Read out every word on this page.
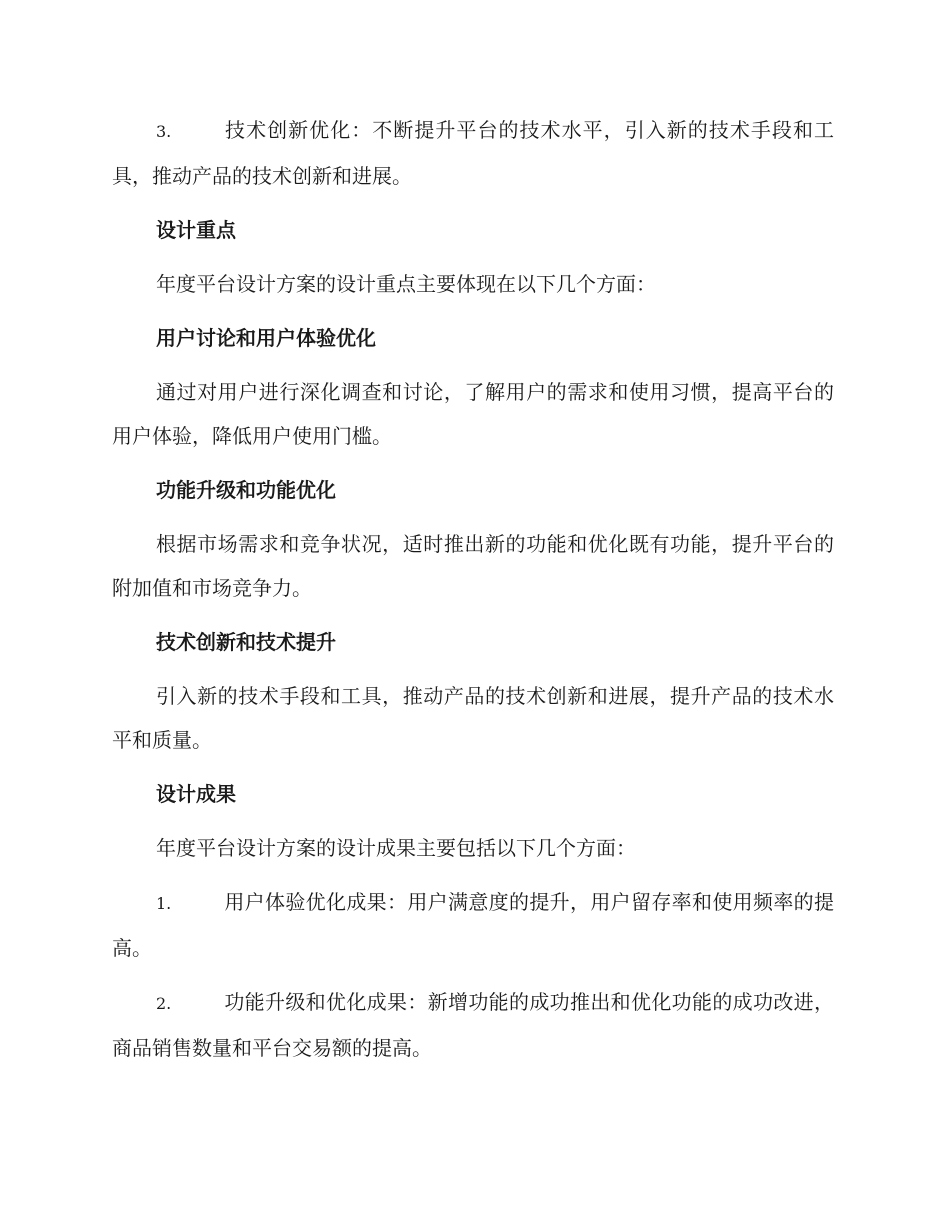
3.	技术创新优化：不断提升平台的技术水平，引入新的技术手段和工具，推动产品的技术创新和进展。

设计重点

年度平台设计方案的设计重点主要体现在以下几个方面：

用户讨论和用户体验优化

通过对用户进行深化调查和讨论，了解用户的需求和使用习惯，提高平台的用户体验，降低用户使用门槛。

功能升级和功能优化

根据市场需求和竞争状况，适时推出新的功能和优化既有功能，提升平台的附加值和市场竞争力。

技术创新和技术提升

引入新的技术手段和工具，推动产品的技术创新和进展，提升产品的技术水平和质量。

设计成果

年度平台设计方案的设计成果主要包括以下几个方面：

1.	用户体验优化成果：用户满意度的提升，用户留存率和使用频率的提高。

2.	功能升级和优化成果：新增功能的成功推出和优化功能的成功改进，商品销售数量和平台交易额的提高。
